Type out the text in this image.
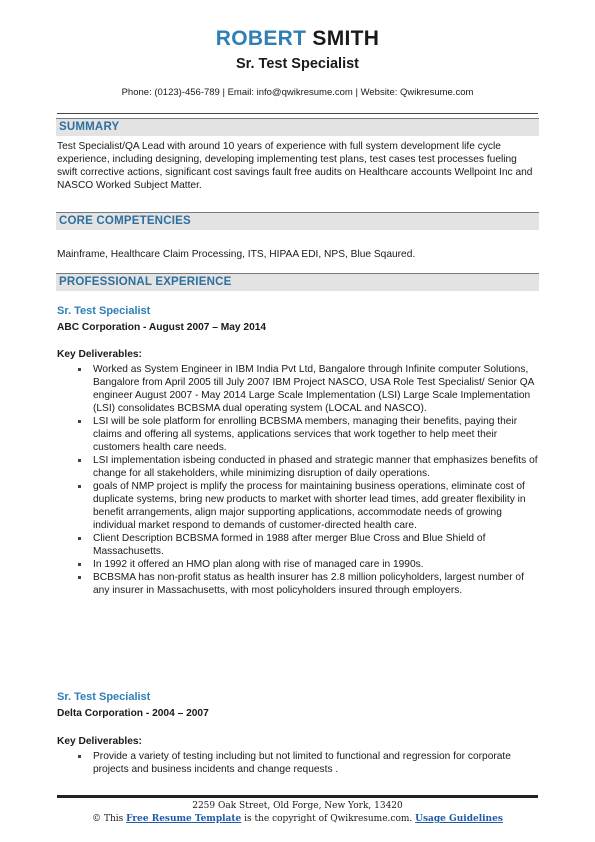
ROBERT SMITH
Sr. Test Specialist
Phone: (0123)-456-789 | Email: info@qwikresume.com | Website: Qwikresume.com
SUMMARY
Test Specialist/QA Lead with around 10 years of experience with full system development life cycle experience, including designing, developing implementing test plans, test cases test processes fueling swift corrective actions, significant cost savings fault free audits on Healthcare accounts Wellpoint Inc and NASCO Worked Subject Matter.
CORE COMPETENCIES
Mainframe, Healthcare Claim Processing, ITS, HIPAA EDI, NPS, Blue Sqaured.
PROFESSIONAL EXPERIENCE
Sr. Test Specialist
ABC Corporation - August 2007 – May 2014
Key Deliverables:
Worked as System Engineer in IBM India Pvt Ltd, Bangalore through Infinite computer Solutions, Bangalore from April 2005 till July 2007 IBM Project NASCO, USA Role Test Specialist/ Senior QA engineer August 2007 - May 2014 Large Scale Implementation (LSI) Large Scale Implementation (LSI) consolidates BCBSMA dual operating system (LOCAL and NASCO).
LSI will be sole platform for enrolling BCBSMA members, managing their benefits, paying their claims and offering all systems, applications services that work together to help meet their customers health care needs.
LSI implementation isbeing conducted in phased and strategic manner that emphasizes benefits of change for all stakeholders, while minimizing disruption of daily operations.
goals of NMP project is mplify the process for maintaining business operations, eliminate cost of duplicate systems, bring new products to market with shorter lead times, add greater flexibility in benefit arrangements, align major supporting applications, accommodate needs of growing individual market respond to demands of customer-directed health care.
Client Description BCBSMA formed in 1988 after merger Blue Cross and Blue Shield of Massachusetts.
In 1992 it offered an HMO plan along with rise of managed care in 1990s.
BCBSMA has non-profit status as health insurer has 2.8 million policyholders, largest number of any insurer in Massachusetts, with most policyholders insured through employers.
Sr. Test Specialist
Delta Corporation - 2004 – 2007
Key Deliverables:
Provide a variety of testing including but not limited to functional and regression for corporate projects and business incidents and change requests .
2259 Oak Street, Old Forge, New York, 13420
© This Free Resume Template is the copyright of Qwikresume.com. Usage Guidelines
